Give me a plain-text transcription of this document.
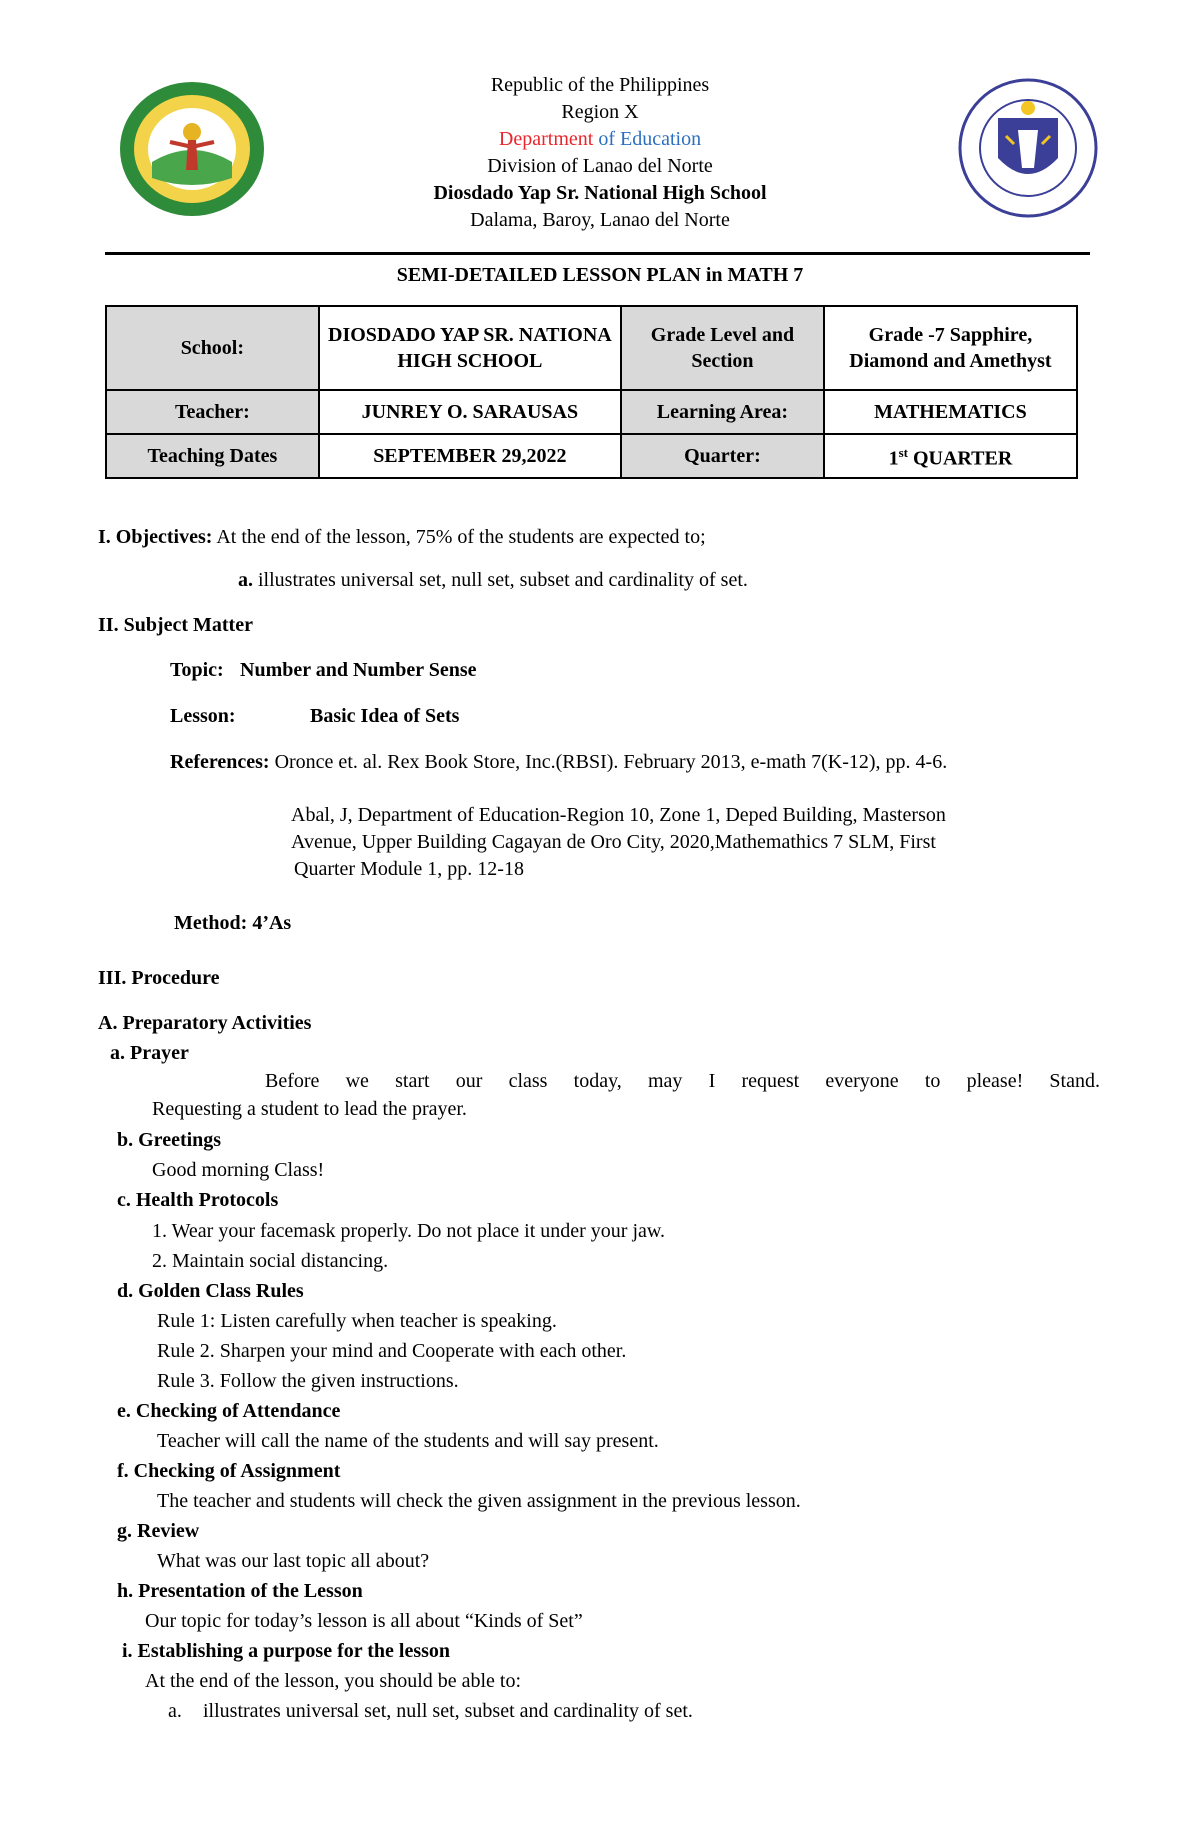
Republic of the Philippines
Region X
Department of Education
Division of Lanao del Norte
Diosdado Yap Sr. National High School
Dalama, Baroy, Lanao del Norte
SEMI-DETAILED LESSON PLAN in MATH 7
School:	DIOSDADO YAP SR. NATIONA HIGH SCHOOL	Grade Level and Section	Grade -7 Sapphire, Diamond and Amethyst
Teacher:	JUNREY O. SARAUSAS	Learning Area:	MATHEMATICS
Teaching Dates	SEPTEMBER 29,2022	Quarter:	1st QUARTER
I. Objectives: At the end of the lesson, 75% of the students are expected to;
a. illustrates universal set, null set, subset and cardinality of set.
II. Subject Matter
Topic: Number and Number Sense
Lesson:	Basic Idea of Sets
References: Oronce et. al. Rex Book Store, Inc.(RBSI). February 2013, e-math 7(K-12), pp. 4-6.
Abal, J, Department of Education-Region 10, Zone 1, Deped Building, Masterson
Avenue, Upper Building Cagayan de Oro City, 2020,Mathemathics 7 SLM, First
Quarter Module 1, pp. 12-18
Method: 4’As
III. Procedure
A. Preparatory Activities
a. Prayer
Before we start our class today, may I request everyone to please! Stand.
Requesting a student to lead the prayer.
b. Greetings
Good morning Class!
c. Health Protocols
1. Wear your facemask properly. Do not place it under your jaw.
2. Maintain social distancing.
d. Golden Class Rules
Rule 1: Listen carefully when teacher is speaking.
Rule 2. Sharpen your mind and Cooperate with each other.
Rule 3. Follow the given instructions.
e. Checking of Attendance
Teacher will call the name of the students and will say present.
f. Checking of Assignment
The teacher and students will check the given assignment in the previous lesson.
g. Review
What was our last topic all about?
h. Presentation of the Lesson
Our topic for today’s lesson is all about “Kinds of Set”
i. Establishing a purpose for the lesson
At the end of the lesson, you should be able to:
a. illustrates universal set, null set, subset and cardinality of set.
